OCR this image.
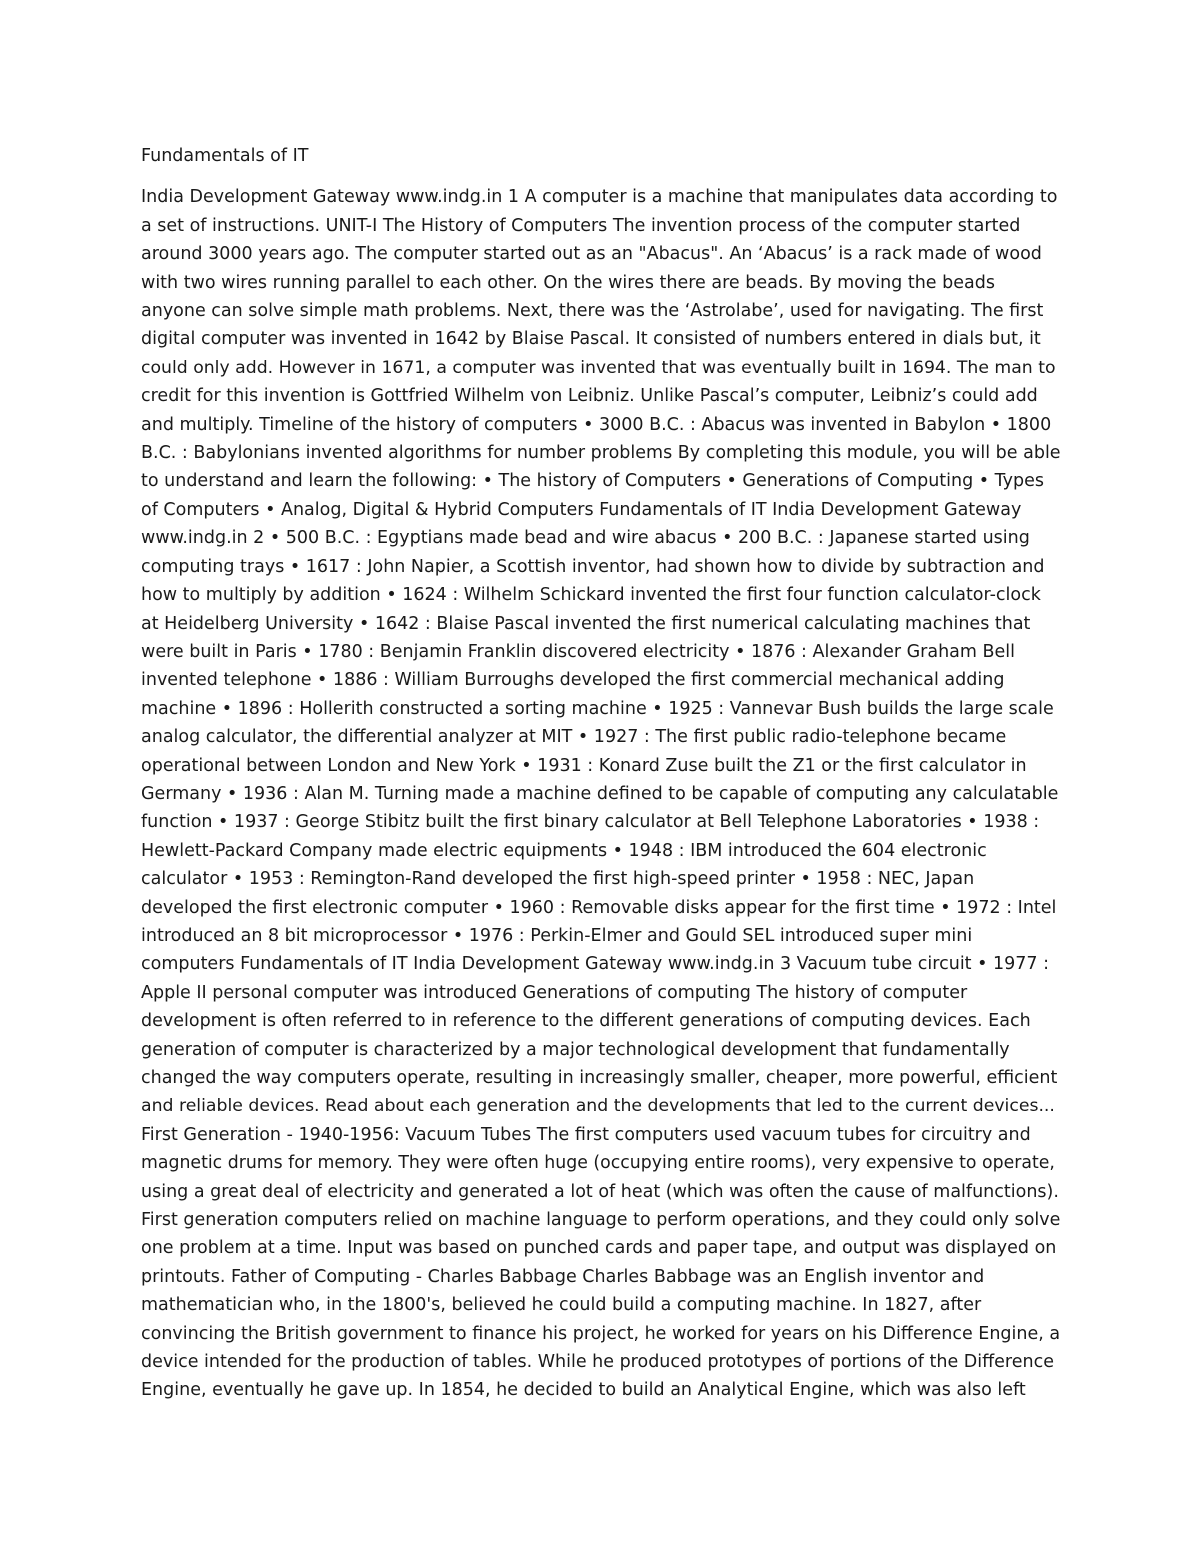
Fundamentals of IT
India Development Gateway www.indg.in 1 A computer is a machine that manipulates data according to
a set of instructions. UNIT-I The History of Computers The invention process of the computer started
around 3000 years ago. The computer started out as an "Abacus". An ‘Abacus’ is a rack made of wood
with two wires running parallel to each other. On the wires there are beads. By moving the beads
anyone can solve simple math problems. Next, there was the ‘Astrolabe’, used for navigating. The first
digital computer was invented in 1642 by Blaise Pascal. It consisted of numbers entered in dials but, it
could only add. However in 1671, a computer was invented that was eventually built in 1694. The man to
credit for this invention is Gottfried Wilhelm von Leibniz. Unlike Pascal’s computer, Leibniz’s could add
and multiply. Timeline of the history of computers • 3000 B.C. : Abacus was invented in Babylon • 1800
B.C. : Babylonians invented algorithms for number problems By completing this module, you will be able
to understand and learn the following: • The history of Computers • Generations of Computing • Types
of Computers • Analog, Digital & Hybrid Computers Fundamentals of IT India Development Gateway
www.indg.in 2 • 500 B.C. : Egyptians made bead and wire abacus • 200 B.C. : Japanese started using
computing trays • 1617 : John Napier, a Scottish inventor, had shown how to divide by subtraction and
how to multiply by addition • 1624 : Wilhelm Schickard invented the first four function calculator-clock
at Heidelberg University • 1642 : Blaise Pascal invented the first numerical calculating machines that
were built in Paris • 1780 : Benjamin Franklin discovered electricity • 1876 : Alexander Graham Bell
invented telephone • 1886 : William Burroughs developed the first commercial mechanical adding
machine • 1896 : Hollerith constructed a sorting machine • 1925 : Vannevar Bush builds the large scale
analog calculator, the differential analyzer at MIT • 1927 : The first public radio-telephone became
operational between London and New York • 1931 : Konard Zuse built the Z1 or the first calculator in
Germany • 1936 : Alan M. Turning made a machine defined to be capable of computing any calculatable
function • 1937 : George Stibitz built the first binary calculator at Bell Telephone Laboratories • 1938 :
Hewlett-Packard Company made electric equipments • 1948 : IBM introduced the 604 electronic
calculator • 1953 : Remington-Rand developed the first high-speed printer • 1958 : NEC, Japan
developed the first electronic computer • 1960 : Removable disks appear for the first time • 1972 : Intel
introduced an 8 bit microprocessor • 1976 : Perkin-Elmer and Gould SEL introduced super mini
computers Fundamentals of IT India Development Gateway www.indg.in 3 Vacuum tube circuit • 1977 :
Apple II personal computer was introduced Generations of computing The history of computer
development is often referred to in reference to the different generations of computing devices. Each
generation of computer is characterized by a major technological development that fundamentally
changed the way computers operate, resulting in increasingly smaller, cheaper, more powerful, efficient
and reliable devices. Read about each generation and the developments that led to the current devices...
First Generation - 1940-1956: Vacuum Tubes The first computers used vacuum tubes for circuitry and
magnetic drums for memory. They were often huge (occupying entire rooms), very expensive to operate,
using a great deal of electricity and generated a lot of heat (which was often the cause of malfunctions).
First generation computers relied on machine language to perform operations, and they could only solve
one problem at a time. Input was based on punched cards and paper tape, and output was displayed on
printouts. Father of Computing - Charles Babbage Charles Babbage was an English inventor and
mathematician who, in the 1800's, believed he could build a computing machine. In 1827, after
convincing the British government to finance his project, he worked for years on his Difference Engine, a
device intended for the production of tables. While he produced prototypes of portions of the Difference
Engine, eventually he gave up. In 1854, he decided to build an Analytical Engine, which was also left
